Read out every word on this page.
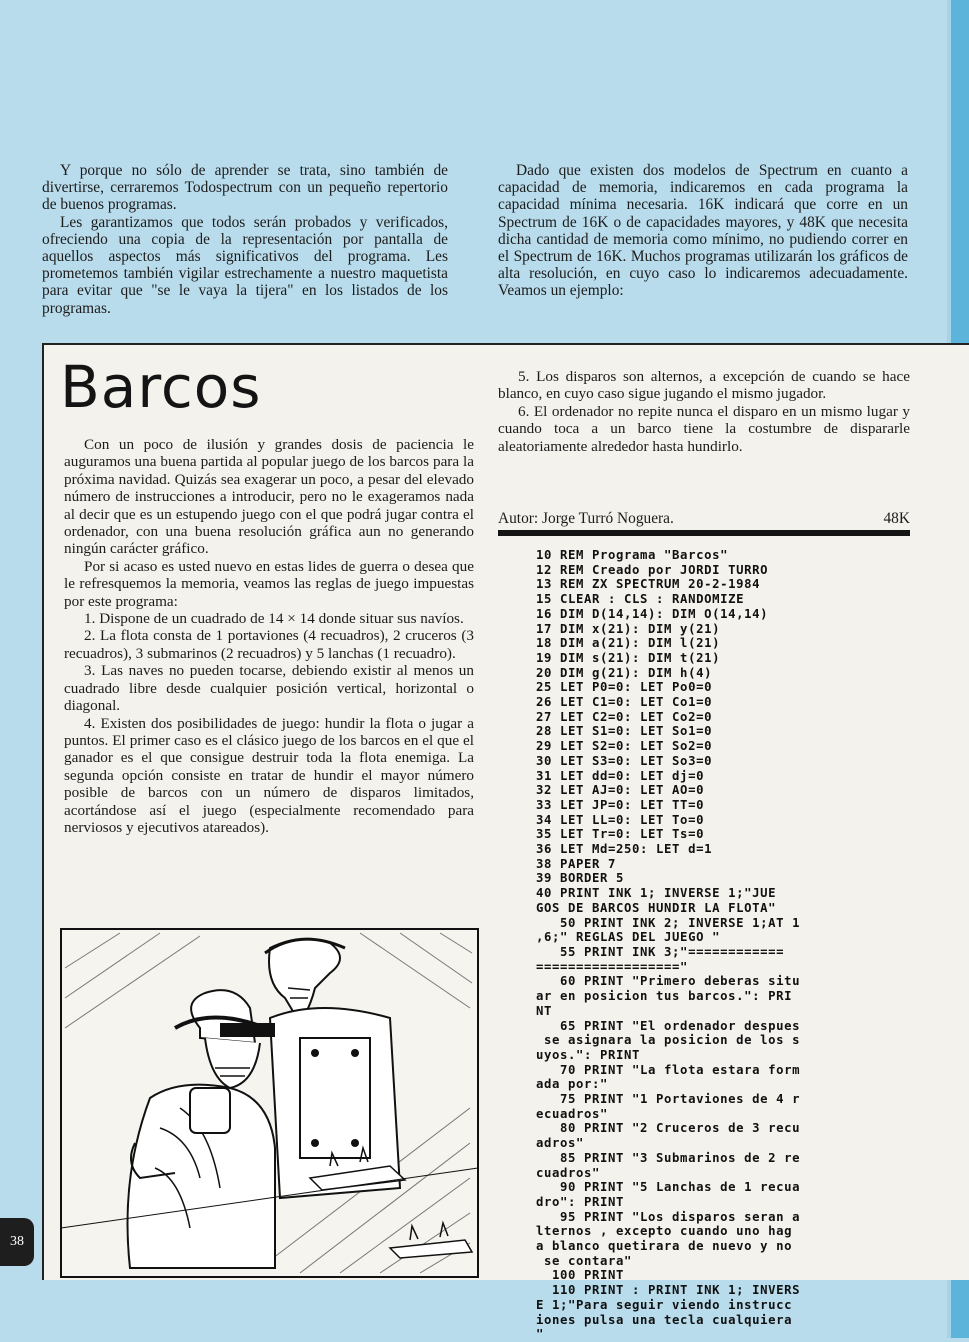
Y porque no sólo de aprender se trata, sino también de divertirse, cerraremos Todospectrum con un pequeño repertorio de buenos programas.

Les garantizamos que todos serán probados y verificados, ofreciendo una copia de la representación por pantalla de aquellos aspectos más significativos del programa. Les prometemos también vigilar estrechamente a nuestro maquetista para evitar que "se le vaya la tijera" en los listados de los programas.

Dado que existen dos modelos de Spectrum en cuanto a capacidad de memoria, indicaremos en cada programa la capacidad mínima necesaria. 16K indicará que corre en un Spectrum de 16K o de capacidades mayores, y 48K que necesita dicha cantidad de memoria como mínimo, no pudiendo correr en el Spectrum de 16K. Muchos programas utilizarán los gráficos de alta resolución, en cuyo caso lo indicaremos adecuadamente. Veamos un ejemplo:

Barcos

Con un poco de ilusión y grandes dosis de paciencia le auguramos una buena partida al popular juego de los barcos para la próxima navidad. Quizás sea exagerar un poco, a pesar del elevado número de instrucciones a introducir, pero no le exageramos nada al decir que es un estupendo juego con el que podrá jugar contra el ordenador, con una buena resolución gráfica aun no generando ningún carácter gráfico.

Por si acaso es usted nuevo en estas lides de guerra o desea que le refresquemos la memoria, veamos las reglas de juego impuestas por este programa:

1. Dispone de un cuadrado de 14 × 14 donde situar sus navíos.

2. La flota consta de 1 portaviones (4 recuadros), 2 cruceros (3 recuadros), 3 submarinos (2 recuadros) y 5 lanchas (1 recuadro).

3. Las naves no pueden tocarse, debiendo existir al menos un cuadrado libre desde cualquier posición vertical, horizontal o diagonal.

4. Existen dos posibilidades de juego: hundir la flota o jugar a puntos. El primer caso es el clásico juego de los barcos en el que el ganador es el que consigue destruir toda la flota enemiga. La segunda opción consiste en tratar de hundir el mayor número posible de barcos con un número de disparos limitados, acortándose así el juego (especialmente recomendado para nerviosos y ejecutivos atareados).

5. Los disparos son alternos, a excepción de cuando se hace blanco, en cuyo caso sigue jugando el mismo jugador.

6. El ordenador no repite nunca el disparo en un mismo lugar y cuando toca a un barco tiene la costumbre de dispararle aleatoriamente alrededor hasta hundirlo.

Autor: Jorge Turró Noguera.	48K
10 REM Programa "Barcos"
12 REM Creado por JORDI TURRO
13 REM ZX SPECTRUM 20-2-1984
15 CLEAR : CLS : RANDOMIZE
16 DIM D(14,14): DIM O(14,14)
17 DIM x(21): DIM y(21)
18 DIM a(21): DIM l(21)
19 DIM s(21): DIM t(21)
20 DIM g(21): DIM h(4)
25 LET P0=0: LET Po0=0
26 LET C1=0: LET Co1=0
27 LET C2=0: LET Co2=0
28 LET S1=0: LET So1=0
29 LET S2=0: LET So2=0
30 LET S3=0: LET So3=0
31 LET dd=0: LET dj=0
32 LET AJ=0: LET AO=0
33 LET JP=0: LET TT=0
34 LET LL=0: LET To=0
35 LET Tr=0: LET Ts=0
36 LET Md=250: LET d=1
38 PAPER 7
39 BORDER 5
40 PRINT INK 1; INVERSE 1;"JUE
GOS DE BARCOS HUNDIR LA FLOTA"
50 PRINT INK 2; INVERSE 1;AT 1
,6;" REGLAS DEL JUEGO "
55 PRINT INK 3;"============
=================="
60 PRINT "Primero deberas situ
ar en posicion tus barcos.": PRI
NT
65 PRINT "El ordenador despues
se asignara la posicion de los s
uyos.": PRINT
70 PRINT "La flota estara form
ada por:"
75 PRINT "1 Portaviones de 4 r
ecuadros"
80 PRINT "2 Cruceros de 3 recu
adros"
85 PRINT "3 Submarinos de 2 re
cuadros"
90 PRINT "5 Lanchas de 1 recua
dro": PRINT
95 PRINT "Los disparos seran a
lternos , excepto cuando uno hag
a blanco quetirara de nuevo y no
se contara"
100 PRINT
110 PRINT : PRINT INK 1; INVERS
E 1;"Para seguir viendo instrucc
iones pulsa una tecla cualquiera
"
38
